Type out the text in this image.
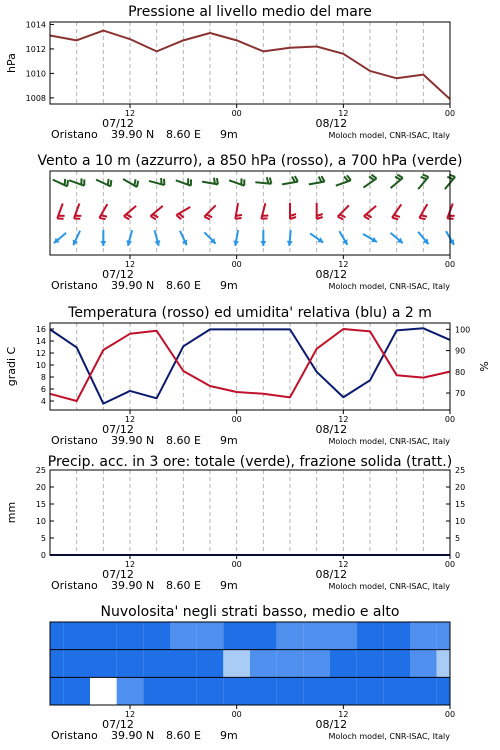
Pressione al livello medio del mare
12
07/12
00	12
08/12
00
Oristano 39.90 N 8.60 E 9m	Moloch model, CNR-ISAC, Italy
1014
1012
1010
1008
hPa
Vento a 10 m (azzurro), a 850 hPa (rosso), a 700 hPa (verde)
12
07/12
00	12
08/12
00
Oristano 39.90 N 8.60 E 9m	Moloch model, CNR-ISAC, Italy
Temperatura (rosso) ed umidita' relativa (blu) a 2 m
12
07/12
00	12
08/12
00
Oristano 39.90 N 8.60 E 9m	Moloch model, CNR-ISAC, Italy
16
14
12
10
8
6
4
100
90
80
70
gradi C	%
Precip. acc. in 3 ore: totale (verde), frazione solida (tratt.)
12
07/12
00	12
08/12
00
Oristano 39.90 N 8.60 E 9m	Moloch model, CNR-ISAC, Italy
25
20
15
10
5
0
25
20
15
10
5
0
mm
Nuvolosita' negli strati basso, medio e alto
12
07/12
00	12
08/12
00
Oristano 39.90 N 8.60 E 9m	Moloch model, CNR-ISAC, Italy
